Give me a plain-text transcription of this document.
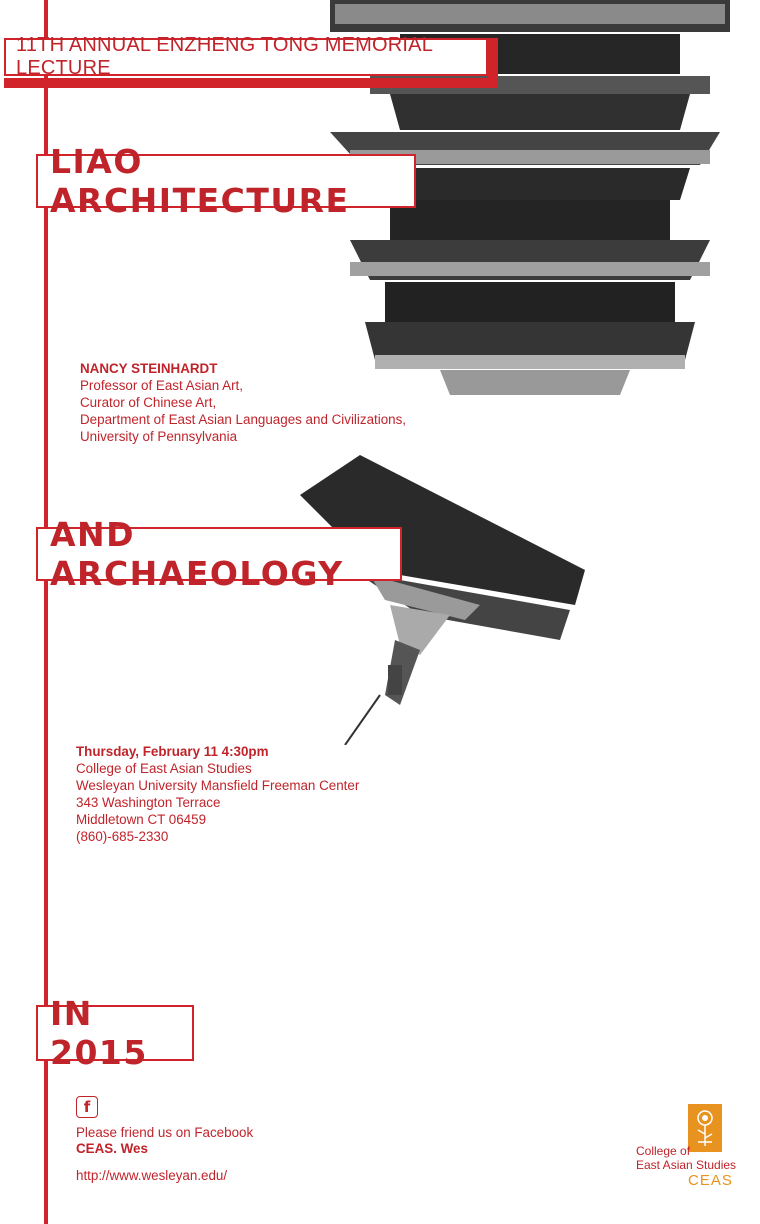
11TH ANNUAL ENZHENG TONG MEMORIAL LECTURE
LIAO ARCHITECTURE
NANCY STEINHARDT
Professor of East Asian Art,
Curator of Chinese Art,
Department of East Asian Languages and Civilizations,
University of Pennsylvania
AND ARCHAEOLOGY
Thursday, February 11 4:30pm
College of East Asian Studies
Wesleyan University Mansfield Freeman Center
343 Washington Terrace
Middletown CT 06459
(860)-685-2330
IN 2015
f
Please friend us on Facebook
CEAS. Wes
http://www.wesleyan.edu/
College of
East Asian Studies
CEAS
